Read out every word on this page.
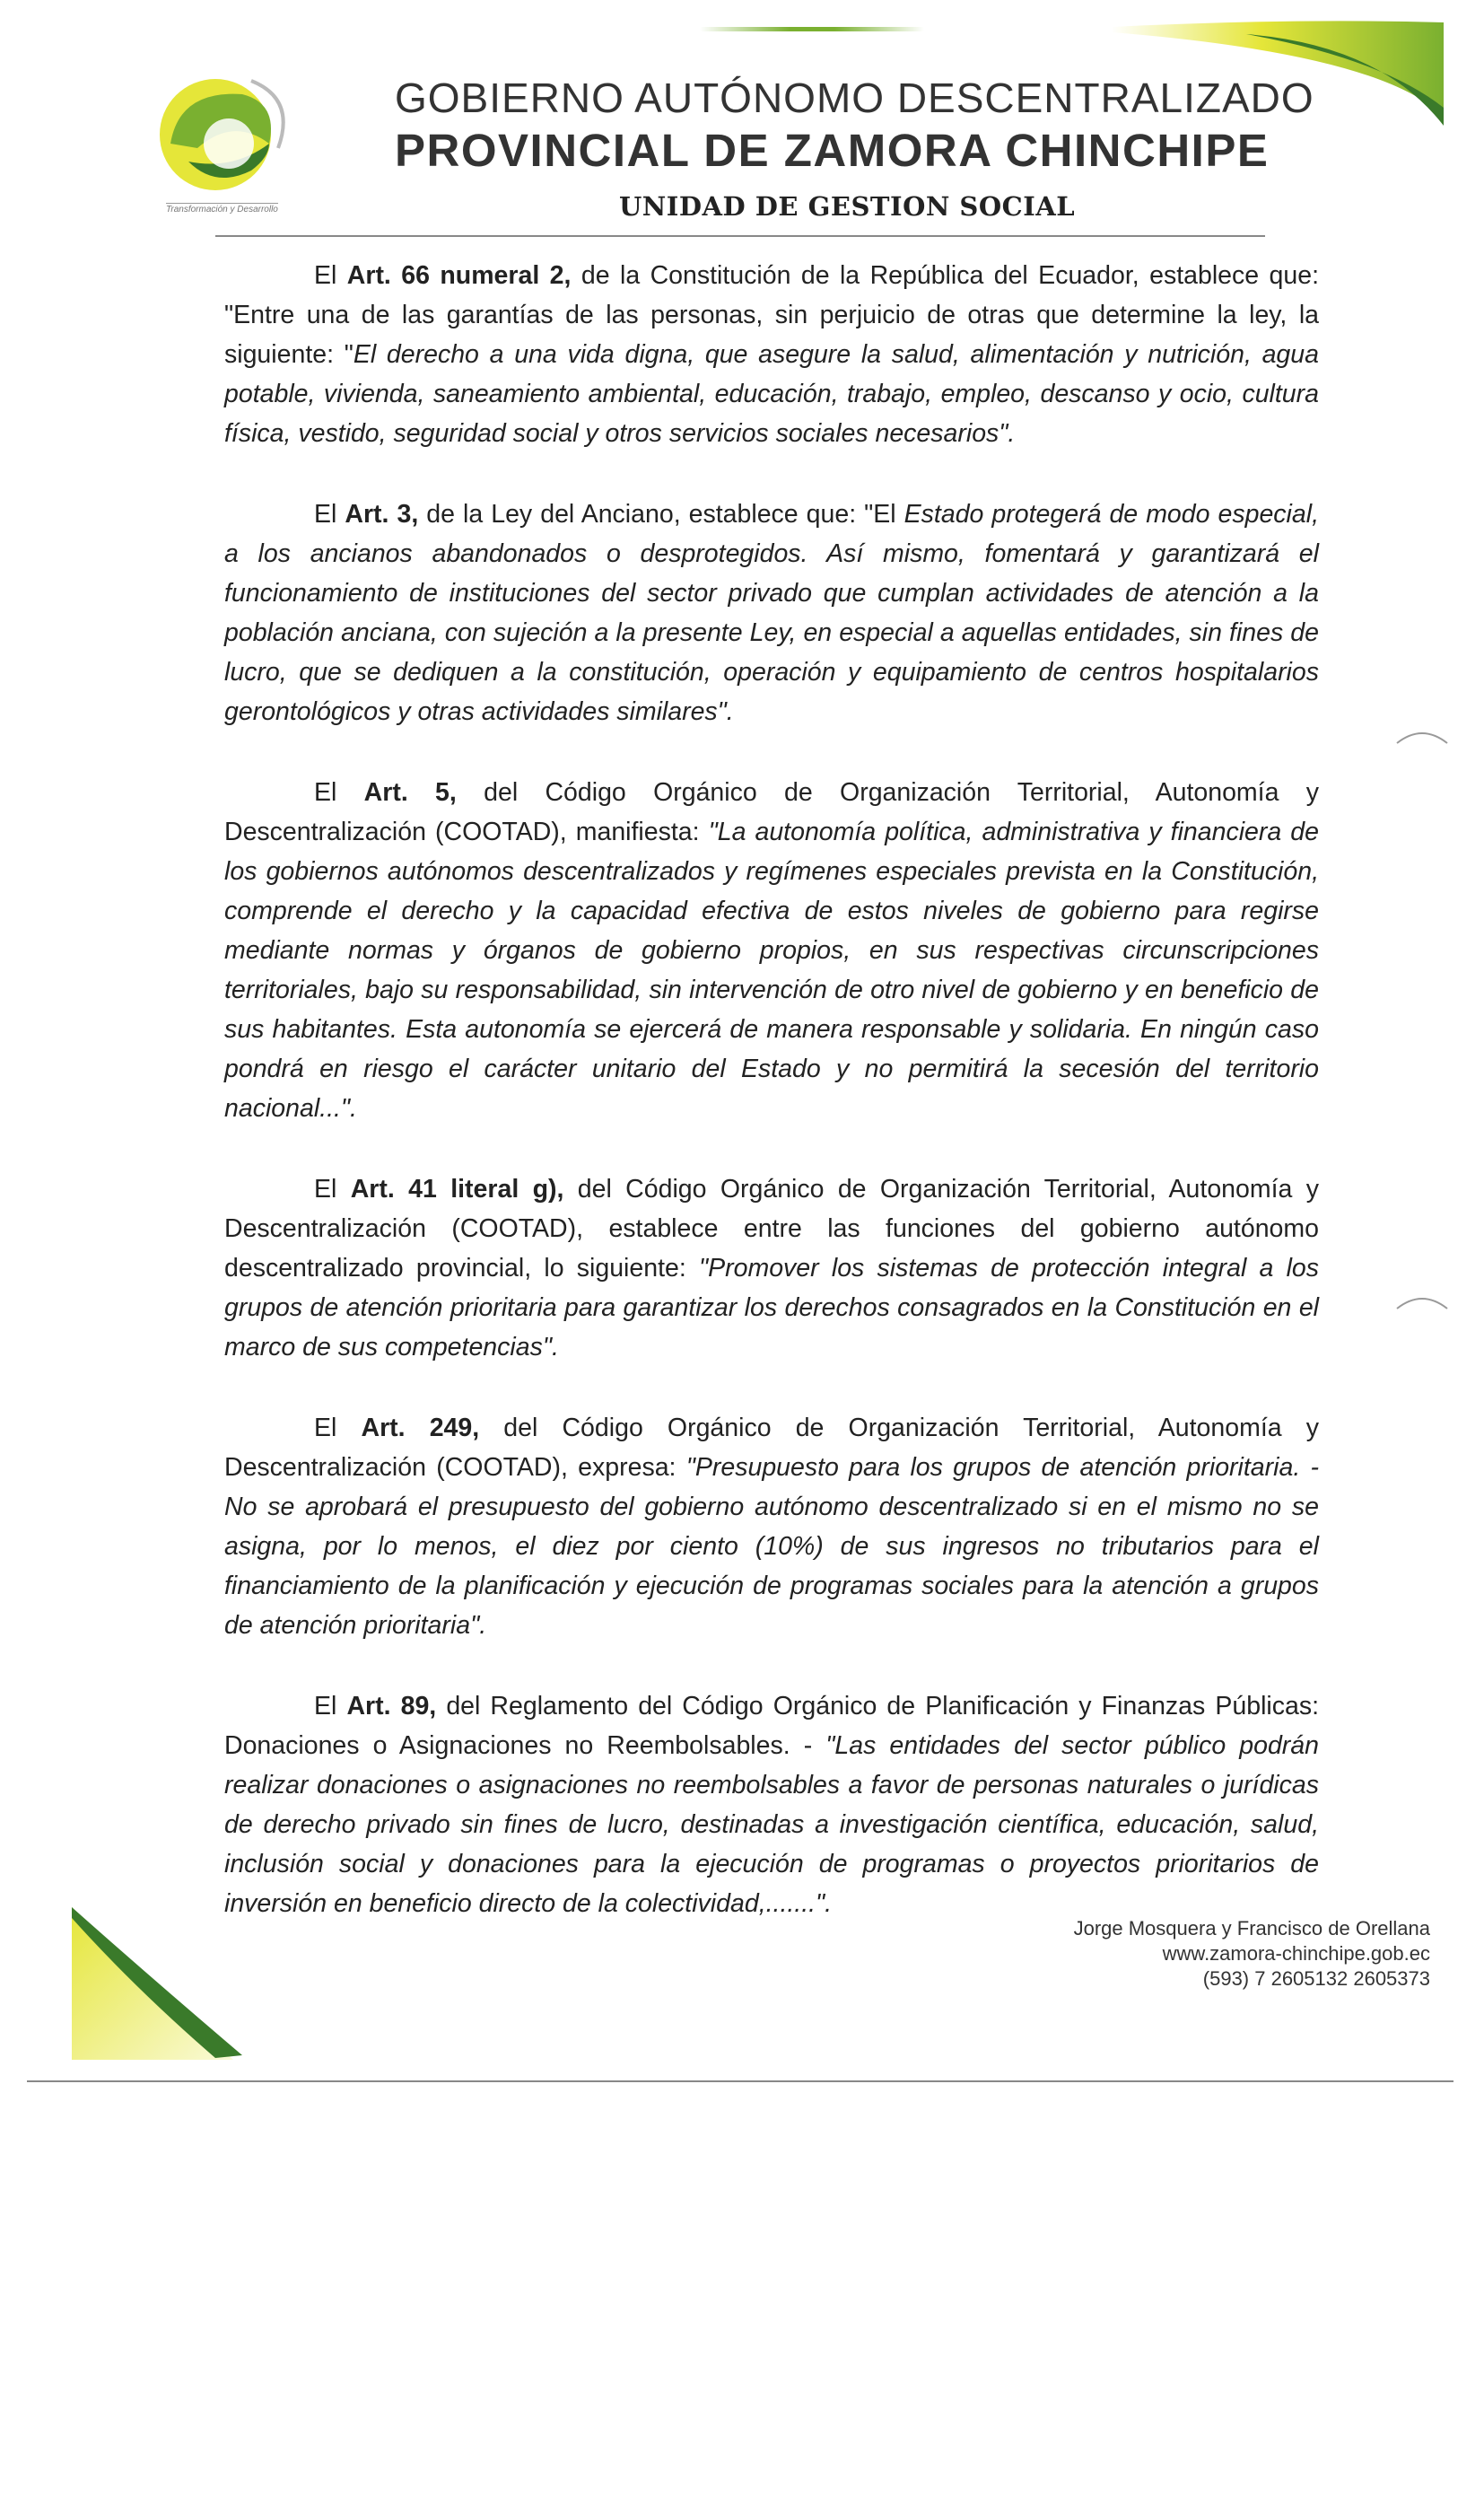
Transformación y Desarrollo
GOBIERNO AUTÓNOMO DESCENTRALIZADO
PROVINCIAL DE ZAMORA CHINCHIPE
UNIDAD DE GESTION SOCIAL

El Art. 66 numeral 2, de la Constitución de la República del Ecuador, establece que: "Entre una de las garantías de las personas, sin perjuicio de otras que determine la ley, la siguiente: "El derecho a una vida digna, que asegure la salud, alimentación y nutrición, agua potable, vivienda, saneamiento ambiental, educación, trabajo, empleo, descanso y ocio, cultura física, vestido, seguridad social y otros servicios sociales necesarios".

El Art. 3, de la Ley del Anciano, establece que: "El Estado protegerá de modo especial, a los ancianos abandonados o desprotegidos. Así mismo, fomentará y garantizará el funcionamiento de instituciones del sector privado que cumplan actividades de atención a la población anciana, con sujeción a la presente Ley, en especial a aquellas entidades, sin fines de lucro, que se dediquen a la constitución, operación y equipamiento de centros hospitalarios gerontológicos y otras actividades similares".

El Art. 5, del Código Orgánico de Organización Territorial, Autonomía y Descentralización (COOTAD), manifiesta: "La autonomía política, administrativa y financiera de los gobiernos autónomos descentralizados y regímenes especiales prevista en la Constitución, comprende el derecho y la capacidad efectiva de estos niveles de gobierno para regirse mediante normas y órganos de gobierno propios, en sus respectivas circunscripciones territoriales, bajo su responsabilidad, sin intervención de otro nivel de gobierno y en beneficio de sus habitantes. Esta autonomía se ejercerá de manera responsable y solidaria. En ningún caso pondrá en riesgo el carácter unitario del Estado y no permitirá la secesión del territorio nacional...".

El Art. 41 literal g), del Código Orgánico de Organización Territorial, Autonomía y Descentralización (COOTAD), establece entre las funciones del gobierno autónomo descentralizado provincial, lo siguiente: "Promover los sistemas de protección integral a los grupos de atención prioritaria para garantizar los derechos consagrados en la Constitución en el marco de sus competencias".

El Art. 249, del Código Orgánico de Organización Territorial, Autonomía y Descentralización (COOTAD), expresa: "Presupuesto para los grupos de atención prioritaria. - No se aprobará el presupuesto del gobierno autónomo descentralizado si en el mismo no se asigna, por lo menos, el diez por ciento (10%) de sus ingresos no tributarios para el financiamiento de la planificación y ejecución de programas sociales para la atención a grupos de atención prioritaria".

El Art. 89, del Reglamento del Código Orgánico de Planificación y Finanzas Públicas: Donaciones o Asignaciones no Reembolsables. - "Las entidades del sector público podrán realizar donaciones o asignaciones no reembolsables a favor de personas naturales o jurídicas de derecho privado sin fines de lucro, destinadas a investigación científica, educación, salud, inclusión social y donaciones para la ejecución de programas o proyectos prioritarios de inversión en beneficio directo de la colectividad,.......".

Jorge Mosquera y Francisco de Orellana
www.zamora-chinchipe.gob.ec
(593) 7 2605132 2605373
